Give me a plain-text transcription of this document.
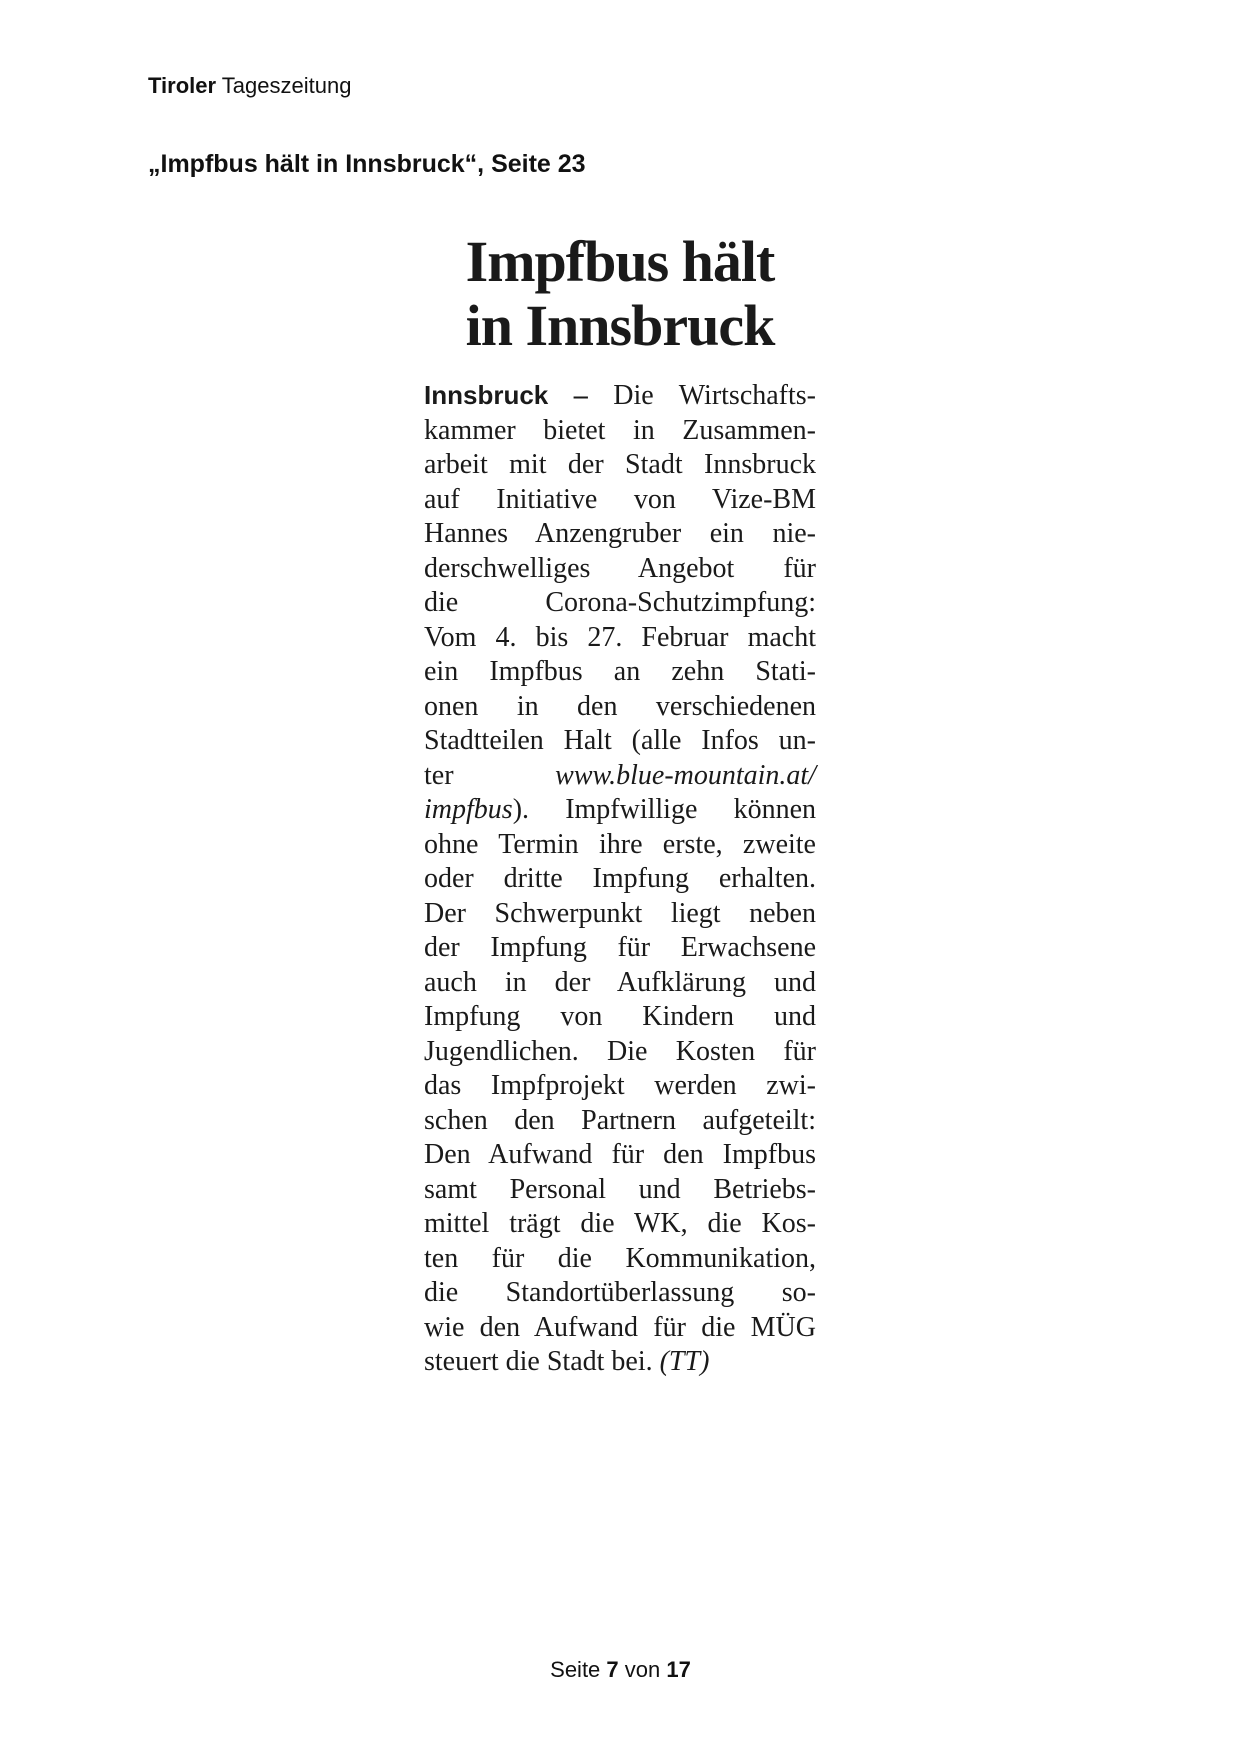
Tiroler Tageszeitung
„Impfbus hält in Innsbruck“, Seite 23
Impfbus hält
in Innsbruck
Innsbruck – Die Wirtschafts-
kammer bietet in Zusammen-
arbeit mit der Stadt Innsbruck
auf Initiative von Vize-BM
Hannes Anzengruber ein nie-
derschwelliges Angebot für
die Corona-Schutzimpfung:
Vom 4. bis 27. Februar macht
ein Impfbus an zehn Stati-
onen in den verschiedenen
Stadtteilen Halt (alle Infos un-
ter	www.blue-mountain.at/
impfbus). Impfwillige können
ohne Termin ihre erste, zweite
oder dritte Impfung erhalten.
Der Schwerpunkt liegt neben
der Impfung für Erwachsene
auch in der Aufklärung und
Impfung von Kindern und
Jugendlichen. Die Kosten für
das Impfprojekt werden zwi-
schen den Partnern aufgeteilt:
Den Aufwand für den Impfbus
samt Personal und Betriebs-
mittel trägt die WK, die Kos-
ten für die Kommunikation,
die Standortüberlassung so-
wie den Aufwand für die MÜG
steuert die Stadt bei. (TT)
Seite 7 von 17
